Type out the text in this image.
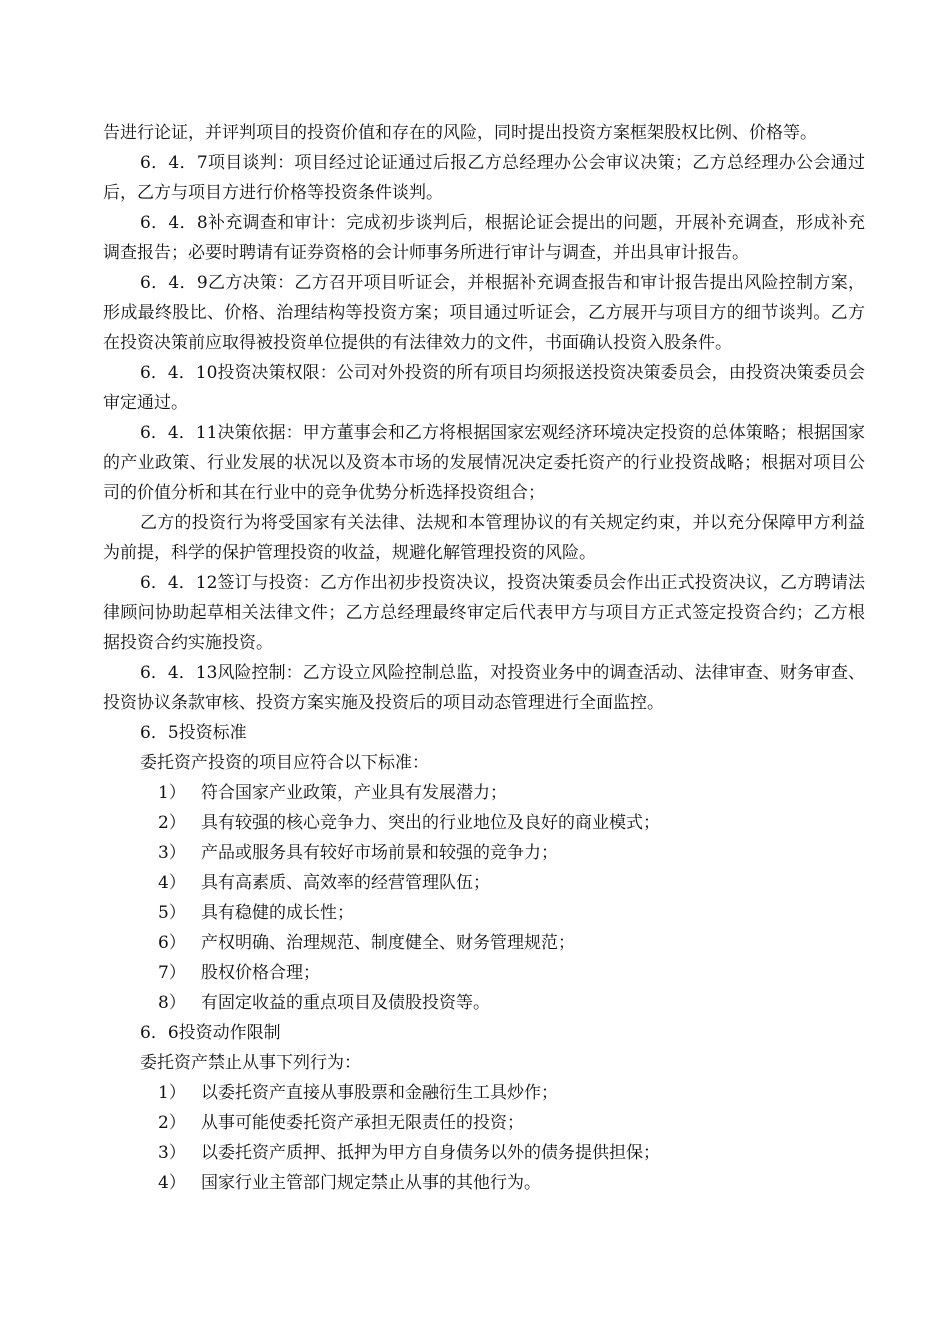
告进行论证，并评判项目的投资价值和存在的风险，同时提出投资方案框架股权比例、价格等。

6．4．7项目谈判：项目经过论证通过后报乙方总经理办公会审议决策；乙方总经理办公会通过后，乙方与项目方进行价格等投资条件谈判。

6．4．8补充调查和审计：完成初步谈判后，根据论证会提出的问题，开展补充调查，形成补充调查报告；必要时聘请有证券资格的会计师事务所进行审计与调查，并出具审计报告。

6．4．9乙方决策：乙方召开项目听证会，并根据补充调查报告和审计报告提出风险控制方案，形成最终股比、价格、治理结构等投资方案；项目通过听证会，乙方展开与项目方的细节谈判。乙方在投资决策前应取得被投资单位提供的有法律效力的文件，书面确认投资入股条件。

6．4．10投资决策权限：公司对外投资的所有项目均须报送投资决策委员会，由投资决策委员会审定通过。

6．4．11决策依据：甲方董事会和乙方将根据国家宏观经济环境决定投资的总体策略；根据国家的产业政策、行业发展的状况以及资本市场的发展情况决定委托资产的行业投资战略；根据对项目公司的价值分析和其在行业中的竞争优势分析选择投资组合；

乙方的投资行为将受国家有关法律、法规和本管理协议的有关规定约束，并以充分保障甲方利益为前提，科学的保护管理投资的收益，规避化解管理投资的风险。

6．4．12签订与投资：乙方作出初步投资决议，投资决策委员会作出正式投资决议，乙方聘请法律顾问协助起草相关法律文件；乙方总经理最终审定后代表甲方与项目方正式签定投资合约；乙方根据投资合约实施投资。

6．4．13风险控制：乙方设立风险控制总监，对投资业务中的调查活动、法律审查、财务审查、投资协议条款审核、投资方案实施及投资后的项目动态管理进行全面监控。

6．5投资标准

委托资产投资的项目应符合以下标准：

1） 符合国家产业政策，产业具有发展潜力；
2） 具有较强的核心竞争力、突出的行业地位及良好的商业模式；
3） 产品或服务具有较好市场前景和较强的竞争力；
4） 具有高素质、高效率的经营管理队伍；
5） 具有稳健的成长性；
6） 产权明确、治理规范、制度健全、财务管理规范；
7） 股权价格合理；
8） 有固定收益的重点项目及债股投资等。

6．6投资动作限制

委托资产禁止从事下列行为：

1） 以委托资产直接从事股票和金融衍生工具炒作；
2） 从事可能使委托资产承担无限责任的投资；
3） 以委托资产质押、抵押为甲方自身债务以外的债务提供担保；
4） 国家行业主管部门规定禁止从事的其他行为。
